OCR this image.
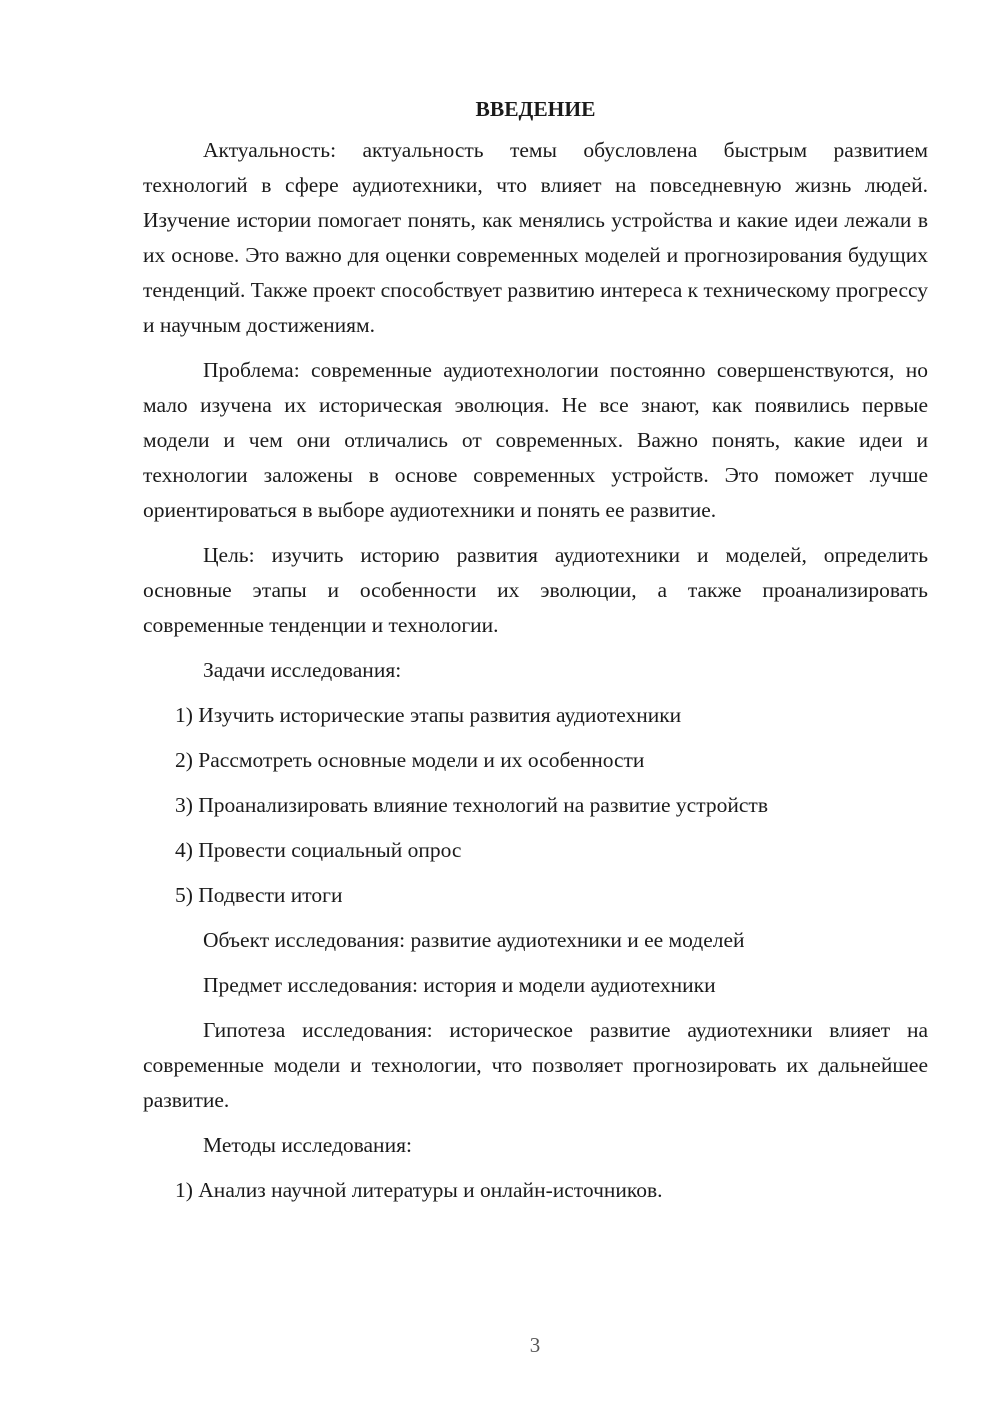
ВВЕДЕНИЕ

Актуальность: актуальность темы обусловлена быстрым развитием технологий в сфере аудиотехники, что влияет на повседневную жизнь людей. Изучение истории помогает понять, как менялись устройства и какие идеи лежали в их основе. Это важно для оценки современных моделей и прогнозирования будущих тенденций. Также проект способствует развитию интереса к техническому прогрессу и научным достижениям.

Проблема: современные аудиотехнологии постоянно совершенствуются, но мало изучена их историческая эволюция. Не все знают, как появились первые модели и чем они отличались от современных. Важно понять, какие идеи и технологии заложены в основе современных устройств. Это поможет лучше ориентироваться в выборе аудиотехники и понять ее развитие.

Цель: изучить историю развития аудиотехники и моделей, определить основные этапы и особенности их эволюции, а также проанализировать современные тенденции и технологии.

Задачи исследования:
1) Изучить исторические этапы развития аудиотехники
2) Рассмотреть основные модели и их особенности
3) Проанализировать влияние технологий на развитие устройств
4) Провести социальный опрос
5) Подвести итоги
Объект исследования: развитие аудиотехники и ее моделей
Предмет исследования: история и модели аудиотехники

Гипотеза исследования: историческое развитие аудиотехники влияет на современные модели и технологии, что позволяет прогнозировать их дальнейшее развитие.

Методы исследования:
1) Анализ научной литературы и онлайн-источников.
3
